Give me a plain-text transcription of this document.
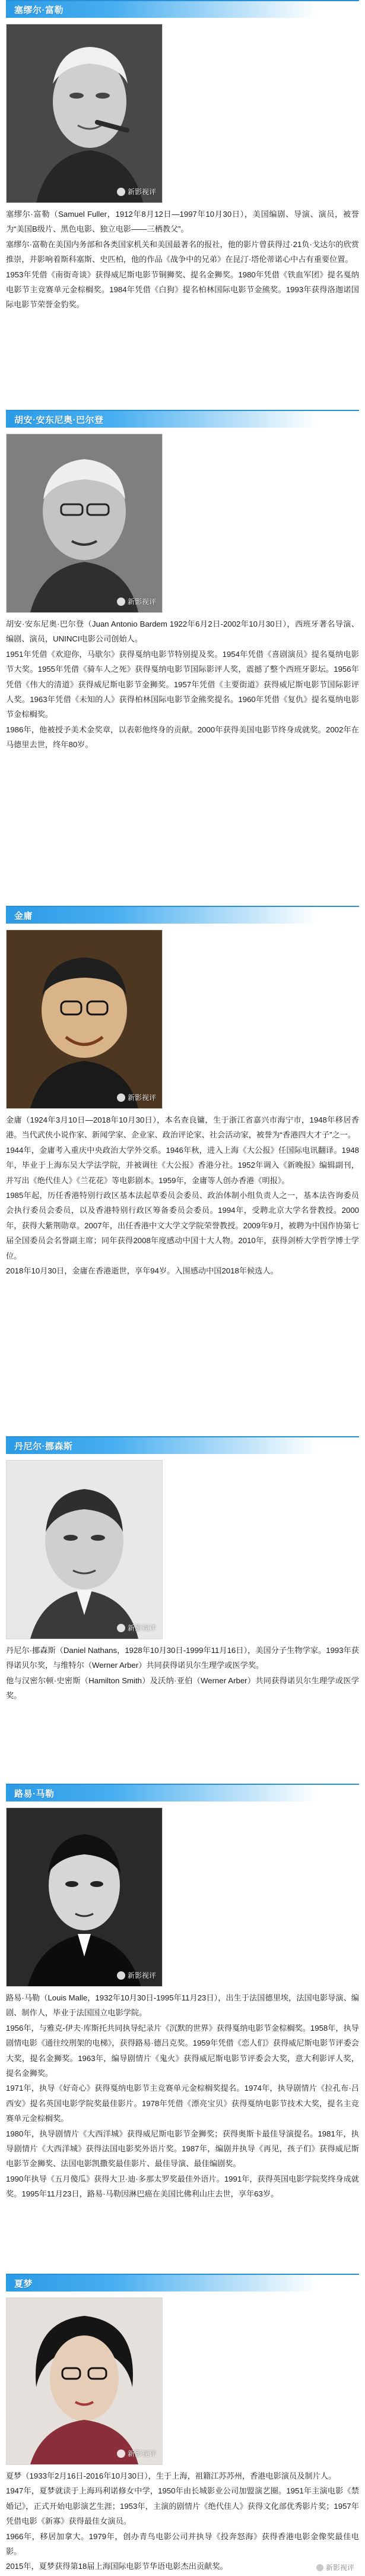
塞缪尔·富勒
新影视评

塞缪尔·富勒（Samuel Fuller，1912年8月12日—1997年10月30日），美国编剧、导演、演员，被誉为“美国B级片、黑色电影、独立电影——三栖教父”。

塞缪尔·富勒在美国内务部和各类国家机关和美国最著名的报社，他的影片曾获得过·21负·戈达尔的欣赏推崇，并影响着斯科塞斯、史匹柏，他的作品《战争中的兄弟》在昆汀·塔伦蒂诺心中占有重要位置。

1953年凭借《南街奇谈》获得威尼斯电影节铜狮奖、提名金狮奖。1980年凭借《铁血军团》提名戛纳电影节主竞赛单元金棕榈奖。1984年凭借《白狗》提名柏林国际电影节金熊奖。1993年获得洛迦诺国际电影节荣誉金豹奖。

胡安·安东尼奥·巴尔登
新影视评

胡安·安东尼奥·巴尔登（Juan Antonio Bardem 1922年6月2日-2002年10月30日），西班牙著名导演、编剧、演员，UNINCI电影公司创始人。

1951年凭借《欢迎你，马歇尔》获得戛纳电影节特别提及奖。1954年凭借《喜剧演员》提名戛纳电影节大奖。1955年凭借《骑车人之死》获得戛纳电影节国际影评人奖，震撼了整个西班牙影坛。1956年凭借《伟大的清道》获得威尼斯电影节金狮奖。1957年凭借《主要街道》获得威尼斯电影节国际影评人奖。1963年凭借《未知的人》获得柏林国际电影节金熊奖提名。1960年凭借《复仇》提名戛纳电影节金棕榈奖。

1986年，他被授予美术金奖章，以表彰他终身的贡献。2000年获得美国电影节终身成就奖。2002年在马德里去世，终年80岁。

金庸
新影视评

金庸（1924年3月10日—2018年10月30日），本名查良镛，生于浙江省嘉兴市海宁市，1948年移居香港。当代武侠小说作家、新闻学家、企业家、政治评论家、社会活动家，被誉为“香港四大才子”之一。

1944年，金庸考入重庆中央政治大学外交系。1946年秋，进入上海《大公报》任国际电讯翻译。1948年，毕业于上海东吴大学法学院，并被调往《大公报》香港分社。1952年调入《新晚报》编辑副刊，并写出《绝代佳人》《兰花花》等电影剧本。1959年，金庸等人创办香港《明报》。

1985年起，历任香港特别行政区基本法起草委员会委员、政治体制小组负责人之一，基本法咨询委员会执行委员会委员，以及香港特别行政区筹备委员会委员。1994年，受聘北京大学名誉教授。2000年，获得大紫荆勋章。2007年，出任香港中文大学文学院荣誉教授。2009年9月，被聘为中国作协第七届全国委员会名誉副主席；同年获得2008年度感动中国十大人物。2010年，获得剑桥大学哲学博士学位。

2018年10月30日，金庸在香港逝世，享年94岁。入围感动中国2018年候选人。

丹尼尔·挪森斯
新影视评

丹尼尔·挪森斯（Daniel Nathans，1928年10月30日-1999年11月16日），美国分子生物学家。1993年获得诺贝尔奖，与维特尔（Werner Arber）共同获得诺贝尔生理学或医学奖。

他与汉密尔顿·史密斯（Hamilton Smith）及沃纳·亚伯（Werner Arber）共同获得诺贝尔生理学或医学奖。

路易·马勒
新影视评

路易·马勒（Louis Malle，1932年10月30日-1995年11月23日），出生于法国德里埃，法国电影导演、编剧、制作人，毕业于法国国立电影学院。

1956年，与雅克-伊夫·库斯托共同执导纪录片《沉默的世界》获得戛纳电影节金棕榈奖。1958年，执导剧情电影《通往绞刑架的电梯》，获得路易·德吕克奖。1959年凭借《恋人们》获得威尼斯电影节评委会大奖，提名金狮奖。1963年，编导剧情片《鬼火》获得威尼斯电影节评委会大奖，意大利影评人奖，提名金狮奖。

1971年，执导《好奇心》获得戛纳电影节主竞赛单元金棕榈奖提名。1974年，执导剧情片《拉孔布·吕西安》提名英国电影学院奖最佳影片。1978年凭借《漂亮宝贝》获得戛纳电影节技术大奖，提名主竞赛单元金棕榈奖。

1980年，执导剧情片《大西洋城》获得威尼斯电影节金狮奖；获得奥斯卡最佳导演提名。1981年，执导剧情片《大西洋城》获得法国电影奖外语片奖。1987年，编剧并执导《再见，孩子们》获得威尼斯电影节金狮奖、法国电影凯撒奖最佳影片、最佳导演、最佳编剧奖。

1990年执导《五月傻瓜》获得大卫·迪·多那太罗奖最佳外语片。1991年，获得英国电影学院奖终身成就奖。1995年11月23日，路易·马勒因淋巴癌在美国比佛利山庄去世，享年63岁。

夏梦
新影视评

夏梦（1933年2月16日-2016年10月30日），生于上海，祖籍江苏苏州，香港电影演员及制片人。

1947年，夏梦就读于上海玛利诺修女中学，1950年由长城影业公司加盟演艺圈。1951年主演电影《禁婚记》，正式开始电影演艺生涯；1953年，主演的剧情片《绝代佳人》获得文化部优秀影片奖；1957年凭借电影《新寡》获得最佳女演员。

1966年，移居加拿大。1979年，创办青鸟电影公司并执导《投奔怒海》获得香港电影金像奖最佳电影。

2015年，夏梦获得第18届上海国际电影节华语电影杰出贡献奖。	新影视评
